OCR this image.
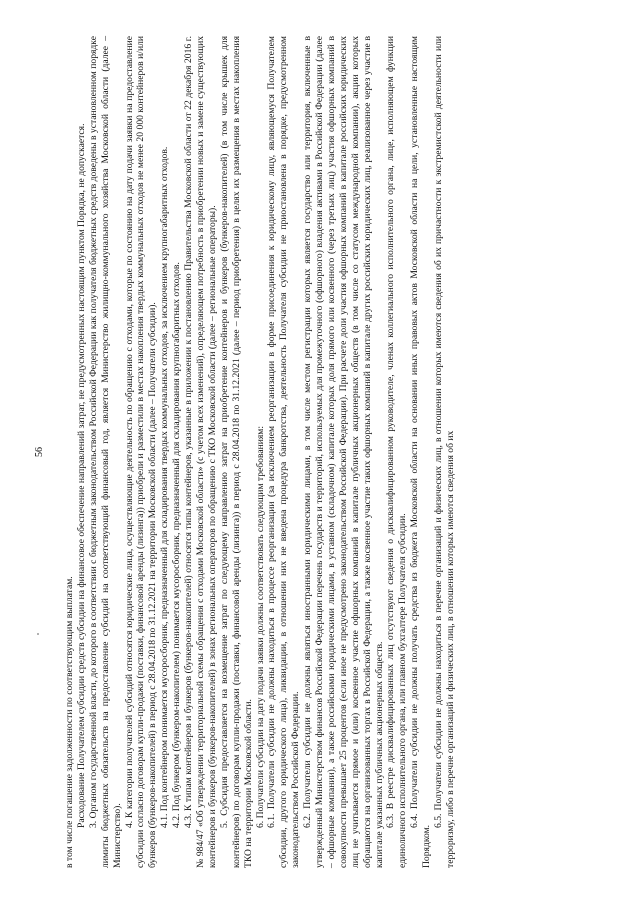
56

в том числе погашение задолженности по соответствующим выплатам. Расходование Получателем субсидии средств субсидии на финансовое обеспечение направлений затрат, не предусмотренных настоящим пунктом Порядка, не допускается. 3. Органом государственной власти, до которого в соответствии с бюджетным законодательством Российской Федерации как получателя бюджетных средств доведены в установленном порядке лимиты бюджетных обязательств на предоставление субсидий на соответствующий финансовый год, является Министерство жилищно-коммунального хозяйства Московской области (далее – Министерство).

4. К категории получателей субсидий относятся юридические лица, осуществляющие деятельность по обращению с отходами, которые по состоянию на дату подачи заявки на предоставление субсидии согласно договорам купли-продажи (поставки, финансовой аренды (лизинга)) приобрели и разместили в местах накопления твердых коммунальных отходов не менее 20 000 контейнеров и/или бункеров (бункеров-накопителей) в период с 28.04.2018 по 31.12.2021 на территории Московской области (далее – Получатели субсидии). 4.1. Под контейнером понимается мусоросборник, предназначенный для складирования твердых коммунальных отходов, за исключением крупногабаритных отходов. 4.2. Под бункером (бункером-накопителем) понимается мусоросборник, предназначенный для складирования крупногабаритных отходов. 4.3. К типам контейнеров и бункеров (бункеров-накопителей) относятся типы контейнеров, указанные в приложении к постановлению Правительства Московской области от 22 декабря 2016 г. № 984/47 «Об утверждении территориальной схемы обращения с отходами Московской области» (с учетом всех изменений), определяющем потребность в приобретении новых и замене существующих контейнеров и бункеров (бункеров-накопителей) в зонах региональных операторов по обращению с ТКО Московской области (далее – региональные операторы). 5. Субсидия предоставляется на возмещение затрат по следующему направлению затрат на приобретение контейнеров и бункеров (бункеров-накопителей) (в том числе крышек для контейнеров) по договорам купли-продажи (поставки, финансовой аренды (лизинга)) в период с 28.04.2018 по 31.12.2021 (далее – период приобретения) в целях их размещения в местах накопления ТКО на территории Московской области. 6. Получатели субсидии на дату подачи заявки должны соответствовать следующим требованиям: 6.1. Получатели субсидии не должны находиться в процессе реорганизации (за исключением реорганизации в форме присоединения к юридическому лицу, являющемуся Получателем субсидии, другого юридического лица), ликвидации, в отношении них не введена процедура банкротства, деятельность Получателя субсидии не приостановлена в порядке, предусмотренном законодательством Российской Федерации. 6.2. Получатели субсидии не должны являться иностранными юридическими лицами, в том числе местом регистрации которых является государство или территория, включенные в утвержденный Министерством финансов Российской Федерации перечень государств и территорий, используемых для промежуточного (офшорного) владения активами в Российской Федерации (далее – офшорные компании), а также российскими юридическими лицами, в уставном (складочном) капитале которых доля прямого или косвенного (через третьих лиц) участия офшорных компаний в совокупности превышает 25 процентов (если иное не предусмотрено законодательством Российской Федерации). При расчете доли участия офшорных компаний в капитале российских юридических лиц не учитывается прямое и (или) косвенное участие офшорных компаний в капитале публичных акционерных обществ (в том числе со статусом международной компании), акции которых обращаются на организованных торгах в Российской Федерации, а также косвенное участие таких офшорных компаний в капитале других российских юридических лиц, реализованное через участие в капитале указанных публичных акционерных обществ. 6.3. В реестре дисквалифицированных лиц отсутствуют сведения о дисквалифицированном руководителе, членах коллегиального исполнительного органа, лице, исполняющем функции единоличного исполнительного органа, или главном бухгалтере Получателя субсидии. 6.4. Получатели субсидии не должны получать средства из бюджета Московской области на основании иных правовых актов Московской области на цели, установленные настоящим Порядком.

6.5. Получатели субсидии не должны находиться в перечне организаций и физических лиц, в отношении которых имеются сведения об их причастности к экстремистской деятельности или терроризму, либо в перечне организаций и физических лиц, в отношении которых имеются сведения об их
